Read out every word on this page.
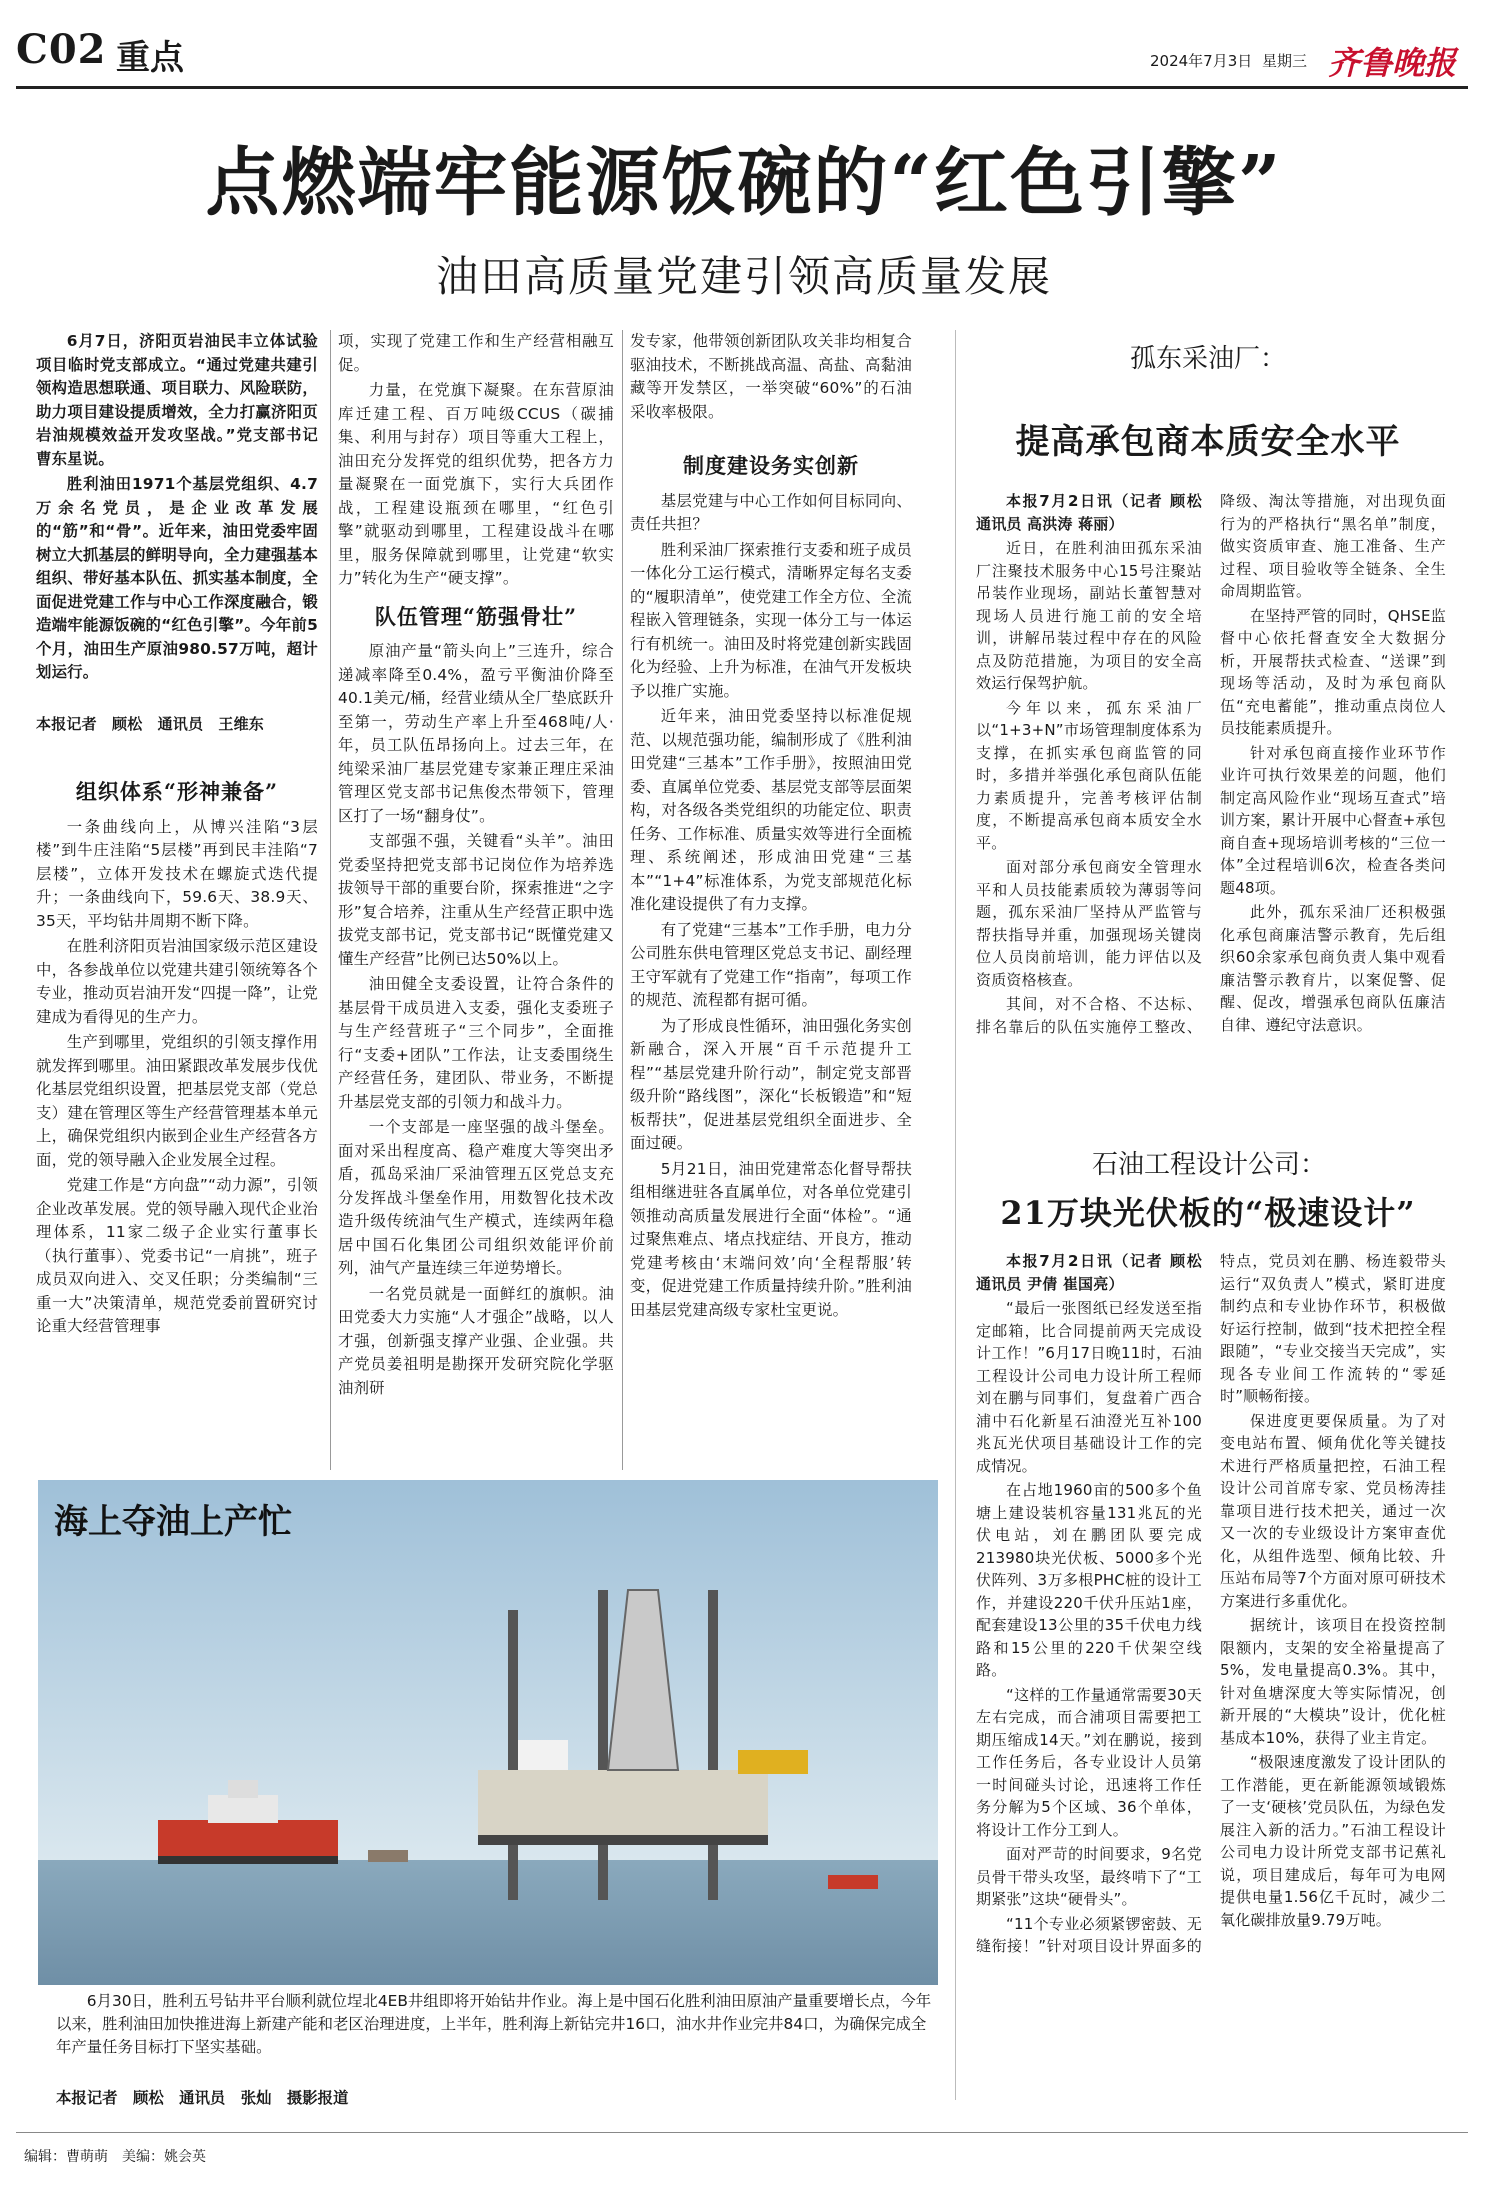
C02 重点	2024年7月3日 星期三 齐鲁晚报
点燃端牢能源饭碗的“红色引擎”
油田高质量党建引领高质量发展

6月7日，济阳页岩油民丰立体试验项目临时党支部成立。“通过党建共建引领构造思想联通、项目联力、风险联防，助力项目建设提质增效，全力打赢济阳页岩油规模效益开发攻坚战。”党支部书记曹东星说。

胜利油田1971个基层党组织、4.7万余名党员，是企业改革发展的“筋”和“骨”。近年来，油田党委牢固树立大抓基层的鲜明导向，全力建强基本组织、带好基本队伍、抓实基本制度，全面促进党建工作与中心工作深度融合，锻造端牢能源饭碗的“红色引擎”。今年前5个月，油田生产原油980.57万吨，超计划运行。

本报记者　顾松　通讯员　王维东
组织体系“形神兼备”

一条曲线向上，从博兴洼陷“3层楼”到牛庄洼陷“5层楼”再到民丰洼陷“7层楼”，立体开发技术在螺旋式迭代提升；一条曲线向下，59.6天、38.9天、35天，平均钻井周期不断下降。

在胜利济阳页岩油国家级示范区建设中，各参战单位以党建共建引领统筹各个专业，推动页岩油开发“四提一降”，让党建成为看得见的生产力。

生产到哪里，党组织的引领支撑作用就发挥到哪里。油田紧跟改革发展步伐优化基层党组织设置，把基层党支部（党总支）建在管理区等生产经营管理基本单元上，确保党组织内嵌到企业生产经营各方面，党的领导融入企业发展全过程。

党建工作是“方向盘”“动力源”，引领企业改革发展。党的领导融入现代企业治理体系，11家二级子企业实行董事长（执行董事）、党委书记“一肩挑”，班子成员双向进入、交叉任职；分类编制“三重一大”决策清单，规范党委前置研究讨论重大经营管理事

项，实现了党建工作和生产经营相融互促。

力量，在党旗下凝聚。在东营原油库迁建工程、百万吨级CCUS（碳捕集、利用与封存）项目等重大工程上，油田充分发挥党的组织优势，把各方力量凝聚在一面党旗下，实行大兵团作战，工程建设瓶颈在哪里，“红色引擎”就驱动到哪里，工程建设战斗在哪里，服务保障就到哪里，让党建“软实力”转化为生产“硬支撑”。

队伍管理“筋强骨壮”

原油产量“箭头向上”三连升，综合递减率降至0.4%，盈亏平衡油价降至40.1美元/桶，经营业绩从全厂垫底跃升至第一，劳动生产率上升至468吨/人·年，员工队伍昂扬向上。过去三年，在纯梁采油厂基层党建专家兼正理庄采油管理区党支部书记焦俊杰带领下，管理区打了一场“翻身仗”。

支部强不强，关键看“头羊”。油田党委坚持把党支部书记岗位作为培养选拔领导干部的重要台阶，探索推进“之字形”复合培养，注重从生产经营正职中选拔党支部书记，党支部书记“既懂党建又懂生产经营”比例已达50%以上。

油田健全支委设置，让符合条件的基层骨干成员进入支委，强化支委班子与生产经营班子“三个同步”，全面推行“支委+团队”工作法，让支委围绕生产经营任务，建团队、带业务，不断提升基层党支部的引领力和战斗力。

一个支部是一座坚强的战斗堡垒。面对采出程度高、稳产难度大等突出矛盾，孤岛采油厂采油管理五区党总支充分发挥战斗堡垒作用，用数智化技术改造升级传统油气生产模式，连续两年稳居中国石化集团公司组织效能评价前列，油气产量连续三年逆势增长。

一名党员就是一面鲜红的旗帜。油田党委大力实施“人才强企”战略，以人才强，创新强支撑产业强、企业强。共产党员姜祖明是勘探开发研究院化学驱油剂研

发专家，他带领创新团队攻关非均相复合驱油技术，不断挑战高温、高盐、高黏油藏等开发禁区，一举突破“60%”的石油采收率极限。

制度建设务实创新

基层党建与中心工作如何目标同向、责任共担？

胜利采油厂探索推行支委和班子成员一体化分工运行模式，清晰界定每名支委的“履职清单”，使党建工作全方位、全流程嵌入管理链条，实现一体分工与一体运行有机统一。油田及时将党建创新实践固化为经验、上升为标准，在油气开发板块予以推广实施。

近年来，油田党委坚持以标准促规范、以规范强功能，编制形成了《胜利油田党建“三基本”工作手册》，按照油田党委、直属单位党委、基层党支部等层面架构，对各级各类党组织的功能定位、职责任务、工作标准、质量实效等进行全面梳理、系统阐述，形成油田党建“三基本”“1+4”标准体系，为党支部规范化标准化建设提供了有力支撑。

有了党建“三基本”工作手册，电力分公司胜东供电管理区党总支书记、副经理王守军就有了党建工作“指南”，每项工作的规范、流程都有据可循。

为了形成良性循环，油田强化务实创新融合，深入开展“百千示范提升工程”“基层党建升阶行动”，制定党支部晋级升阶“路线图”，深化“长板锻造”和“短板帮扶”，促进基层党组织全面进步、全面过硬。

5月21日，油田党建常态化督导帮扶组相继进驻各直属单位，对各单位党建引领推动高质量发展进行全面“体检”。“通过聚焦难点、堵点找症结、开良方，推动党建考核由‘末端问效’向‘全程帮服’转变，促进党建工作质量持续升阶。”胜利油田基层党建高级专家杜宝更说。

孤东采油厂：
提高承包商本质安全水平

本报7月2日讯（记者 顾松 通讯员 高洪涛 蒋丽）

近日，在胜利油田孤东采油厂注聚技术服务中心15号注聚站吊装作业现场，副站长董智慧对现场人员进行施工前的安全培训，讲解吊装过程中存在的风险点及防范措施，为项目的安全高效运行保驾护航。

今年以来，孤东采油厂以“1+3+N”市场管理制度体系为支撑，在抓实承包商监管的同时，多措并举强化承包商队伍能力素质提升，完善考核评估制度，不断提高承包商本质安全水平。

面对部分承包商安全管理水平和人员技能素质较为薄弱等问题，孤东采油厂坚持从严监管与帮扶指导并重，加强现场关键岗位人员岗前培训，能力评估以及资质资格核查。

其间，对不合格、不达标、排名靠后的队伍实施停工整改、降级、淘汰等措施，对出现负面行为的严格执行“黑名单”制度，做实资质审查、施工准备、生产过程、项目验收等全链条、全生命周期监管。

在坚持严管的同时，QHSE监督中心依托督查安全大数据分析，开展帮扶式检查、“送课”到现场等活动，及时为承包商队伍“充电蓄能”，推动重点岗位人员技能素质提升。

针对承包商直接作业环节作业许可执行效果差的问题，他们制定高风险作业“现场互查式”培训方案，累计开展中心督查+承包商自查+现场培训考核的“三位一体”全过程培训6次，检查各类问题48项。

此外，孤东采油厂还积极强化承包商廉洁警示教育，先后组织60余家承包商负责人集中观看廉洁警示教育片，以案促警、促醒、促改，增强承包商队伍廉洁自律、遵纪守法意识。

石油工程设计公司：
21万块光伏板的“极速设计”

本报7月2日讯（记者 顾松 通讯员 尹倩 崔国亮）

“最后一张图纸已经发送至指定邮箱，比合同提前两天完成设计工作！”6月17日晚11时，石油工程设计公司电力设计所工程师刘在鹏与同事们，复盘着广西合浦中石化新星石油澄光互补100兆瓦光伏项目基础设计工作的完成情况。

在占地1960亩的500多个鱼塘上建设装机容量131兆瓦的光伏电站，刘在鹏团队要完成213980块光伏板、5000多个光伏阵列、3万多根PHC桩的设计工作，并建设220千伏升压站1座，配套建设13公里的35千伏电力线路和15公里的220千伏架空线路。

“这样的工作量通常需要30天左右完成，而合浦项目需要把工期压缩成14天。”刘在鹏说，接到工作任务后，各专业设计人员第一时间碰头讨论，迅速将工作任务分解为5个区域、36个单体，将设计工作分工到人。

面对严苛的时间要求，9名党员骨干带头攻坚，最终啃下了“工期紧张”这块“硬骨头”。

“11个专业必须紧锣密鼓、无缝衔接！”针对项目设计界面多的特点，党员刘在鹏、杨连毅带头运行“双负责人”模式，紧盯进度制约点和专业协作环节，积极做好运行控制，做到“技术把控全程跟随”，“专业交接当天完成”，实现各专业间工作流转的“零延时”顺畅衔接。

保进度更要保质量。为了对变电站布置、倾角优化等关键技术进行严格质量把控，石油工程设计公司首席专家、党员杨涛挂靠项目进行技术把关，通过一次又一次的专业级设计方案审查优化，从组件选型、倾角比较、升压站布局等7个方面对原可研技术方案进行多重优化。

据统计，该项目在投资控制限额内，支架的安全裕量提高了5%，发电量提高0.3%。其中，针对鱼塘深度大等实际情况，创新开展的“大模块”设计，优化桩基成本10%，获得了业主肯定。

“极限速度激发了设计团队的工作潜能，更在新能源领域锻炼了一支‘硬核’党员队伍，为绿色发展注入新的活力。”石油工程设计公司电力设计所党支部书记蕉礼说，项目建成后，每年可为电网提供电量1.56亿千瓦时，减少二氧化碳排放量9.79万吨。

海上夺油上产忙
6月30日，胜利五号钻井平台顺利就位埕北4EB井组即将开始钻井作业。海上是中国石化胜利油田原油产量重要增长点，今年以来，胜利油田加快推进海上新建产能和老区治理进度，上半年，胜利海上新钻完井16口，油水井作业完井84口，为确保完成全年产量任务目标打下坚实基础。
本报记者　顾松　通讯员　张灿　摄影报道
编辑：曹萌萌　美编：姚会英
